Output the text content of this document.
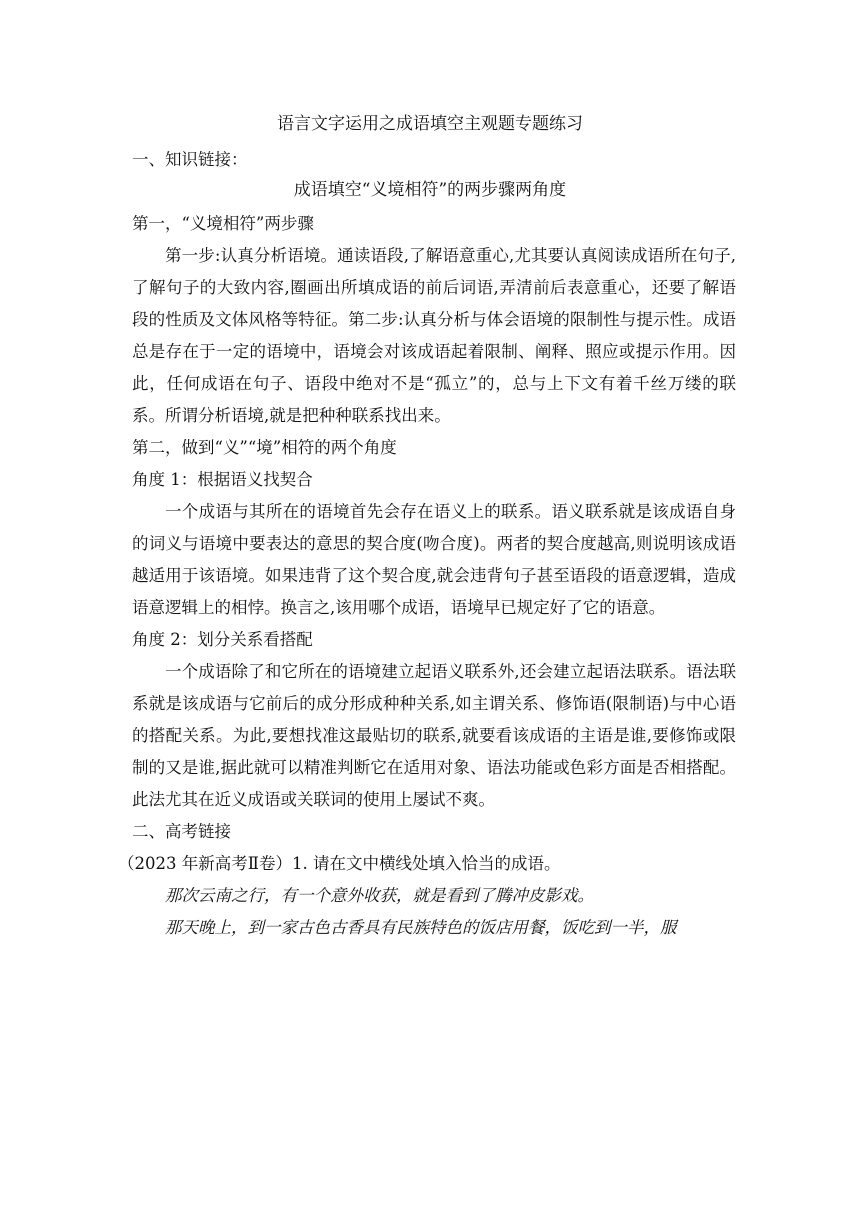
语言文字运用之成语填空主观题专题练习
一、知识链接：
成语填空“义境相符”的两步骤两角度
第一，“义境相符”两步骤

第一步:认真分析语境。通读语段,了解语意重心,尤其要认真阅读成语所在句子,了解句子的大致内容,圈画出所填成语的前后词语,弄清前后表意重心，还要了解语段的性质及文体风格等特征。第二步:认真分析与体会语境的限制性与提示性。成语总是存在于一定的语境中，语境会对该成语起着限制、阐释、照应或提示作用。因此，任何成语在句子、语段中绝对不是“孤立”的，总与上下文有着千丝万缕的联系。所谓分析语境,就是把种种联系找出来。

第二，做到“义”“境”相符的两个角度
角度 1：根据语义找契合

一个成语与其所在的语境首先会存在语义上的联系。语义联系就是该成语自身的词义与语境中要表达的意思的契合度(吻合度)。两者的契合度越高,则说明该成语越适用于该语境。如果违背了这个契合度,就会违背句子甚至语段的语意逻辑，造成语意逻辑上的相悖。换言之,该用哪个成语，语境早已规定好了它的语意。

角度 2：划分关系看搭配

一个成语除了和它所在的语境建立起语义联系外,还会建立起语法联系。语法联系就是该成语与它前后的成分形成种种关系,如主谓关系、修饰语(限制语)与中心语的搭配关系。为此,要想找准这最贴切的联系,就要看该成语的主语是谁,要修饰或限制的又是谁,据此就可以精准判断它在适用对象、语法功能或色彩方面是否相搭配。此法尤其在近义成语或关联词的使用上屡试不爽。

二、高考链接
（2023 年新高考Ⅱ卷）1. 请在文中横线处填入恰当的成语。

那次云南之行，有一个意外收获，就是看到了腾冲皮影戏。

那天晚上，到一家古色古香具有民族特色的饭店用餐，饭吃到一半，服
